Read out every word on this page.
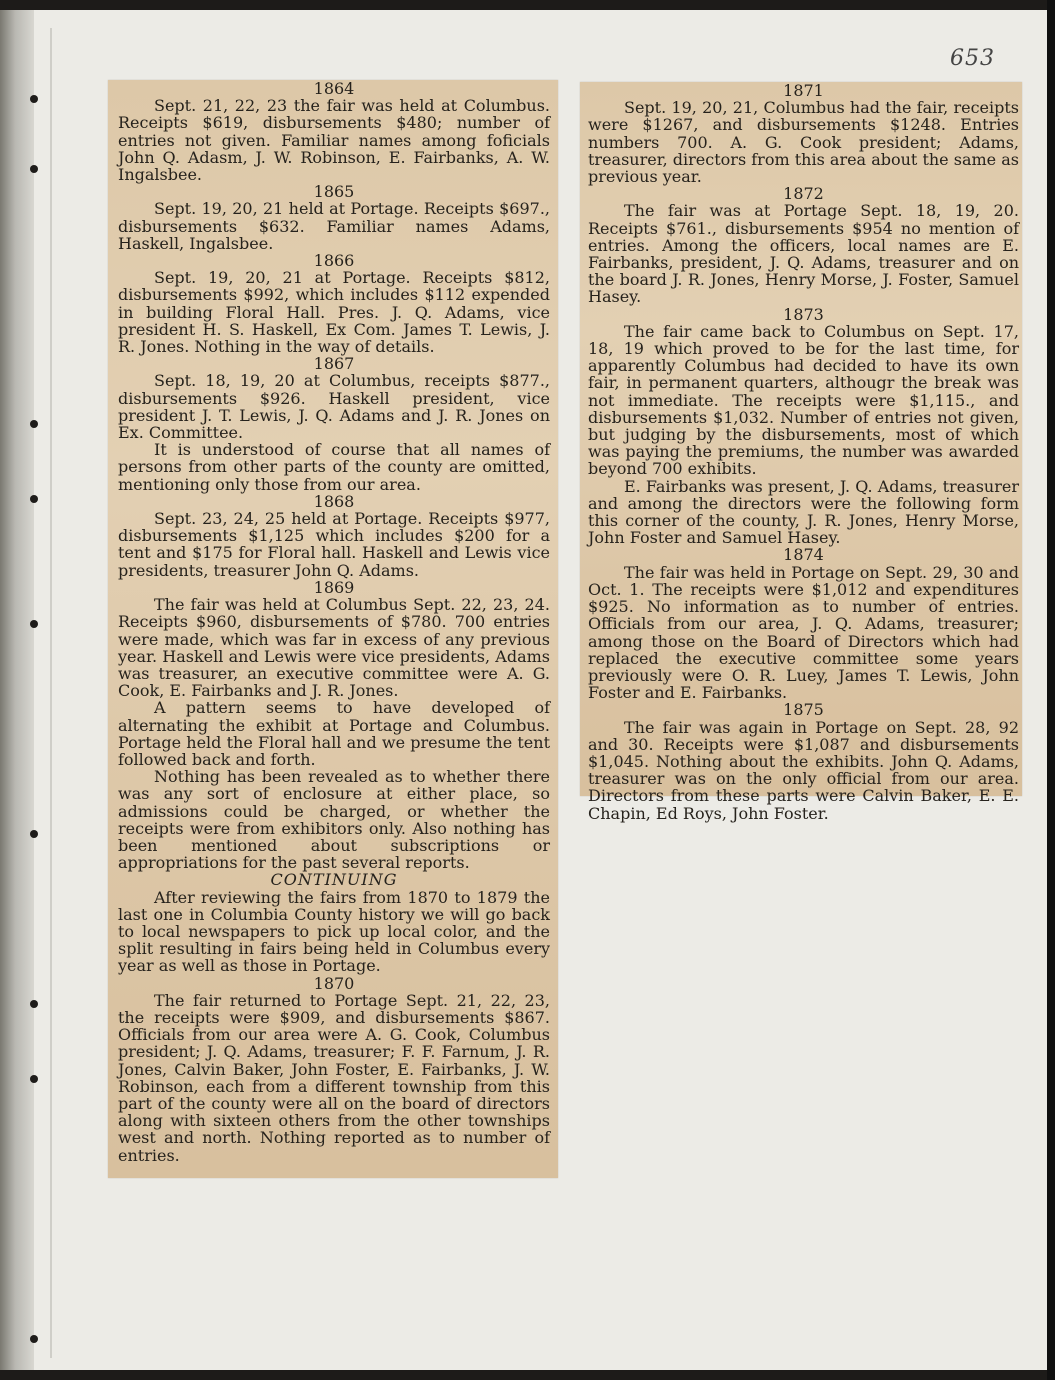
653

1864

Sept. 21, 22, 23 the fair was held at Columbus. Receipts $619, disbursements $480; number of entries not given. Familiar names among foficials John Q. Adasm, J. W. Robinson, E. Fairbanks, A. W. Ingalsbee.

1865

Sept. 19, 20, 21 held at Portage. Receipts $697., disbursements $632. Familiar names Adams, Haskell, Ingalsbee.

1866

Sept. 19, 20, 21 at Portage. Receipts $812, disbursements $992, which includes $112 expended in building Floral Hall. Pres. J. Q. Adams, vice president H. S. Haskell, Ex Com. James T. Lewis, J. R. Jones. Nothing in the way of details.

1867

Sept. 18, 19, 20 at Columbus, receipts $877., disbursements $926. Haskell president, vice president J. T. Lewis, J. Q. Adams and J. R. Jones on Ex. Committee.

It is understood of course that all names of persons from other parts of the county are omitted, mentioning only those from our area.

1868

Sept. 23, 24, 25 held at Portage. Receipts $977, disbursements $1,125 which includes $200 for a tent and $175 for Floral hall. Haskell and Lewis vice presidents, treasurer John Q. Adams.

1869

The fair was held at Columbus Sept. 22, 23, 24. Receipts $960, disbursements of $780. 700 entries were made, which was far in excess of any previous year. Haskell and Lewis were vice presidents, Adams was treasurer, an executive committee were A. G. Cook, E. Fairbanks and J. R. Jones.

A pattern seems to have developed of alternating the exhibit at Portage and Columbus. Portage held the Floral hall and we presume the tent followed back and forth.

Nothing has been revealed as to whether there was any sort of enclosure at either place, so admissions could be charged, or whether the receipts were from exhibitors only. Also nothing has been mentioned about subscriptions or appropriations for the past several reports.

CONTINUING

After reviewing the fairs from 1870 to 1879 the last one in Columbia County history we will go back to local newspapers to pick up local color, and the split resulting in fairs being held in Columbus every year as well as those in Portage.

1870

The fair returned to Portage Sept. 21, 22, 23, the receipts were $909, and disbursements $867. Officials from our area were A. G. Cook, Columbus president; J. Q. Adams, treasurer; F. F. Farnum, J. R. Jones, Calvin Baker, John Foster, E. Fairbanks, J. W. Robinson, each from a different township from this part of the county were all on the board of directors along with sixteen others from the other townships west and north. Nothing reported as to number of entries.

1871

Sept. 19, 20, 21, Columbus had the fair, receipts were $1267, and disbursements $1248. Entries numbers 700. A. G. Cook president; Adams, treasurer, directors from this area about the same as previous year.

1872

The fair was at Portage Sept. 18, 19, 20. Receipts $761., disbursements $954 no mention of entries. Among the officers, local names are E. Fairbanks, president, J. Q. Adams, treasurer and on the board J. R. Jones, Henry Morse, J. Foster, Samuel Hasey.

1873

The fair came back to Columbus on Sept. 17, 18, 19 which proved to be for the last time, for apparently Columbus had decided to have its own fair, in permanent quarters, althougr the break was not immediate. The receipts were $1,115., and disbursements $1,032. Number of entries not given, but judging by the disbursements, most of which was paying the premiums, the number was awarded beyond 700 exhibits.

E. Fairbanks was present, J. Q. Adams, treasurer and among the directors were the following form this corner of the county, J. R. Jones, Henry Morse, John Foster and Samuel Hasey.

1874

The fair was held in Portage on Sept. 29, 30 and Oct. 1. The receipts were $1,012 and expenditures $925. No information as to number of entries. Officials from our area, J. Q. Adams, treasurer; among those on the Board of Directors which had replaced the executive committee some years previously were O. R. Luey, James T. Lewis, John Foster and E. Fairbanks.

1875

The fair was again in Portage on Sept. 28, 92 and 30. Receipts were $1,087 and disbursements $1,045. Nothing about the exhibits. John Q. Adams, treasurer was on the only official from our area. Directors from these parts were Calvin Baker, E. E. Chapin, Ed Roys, John Foster.
